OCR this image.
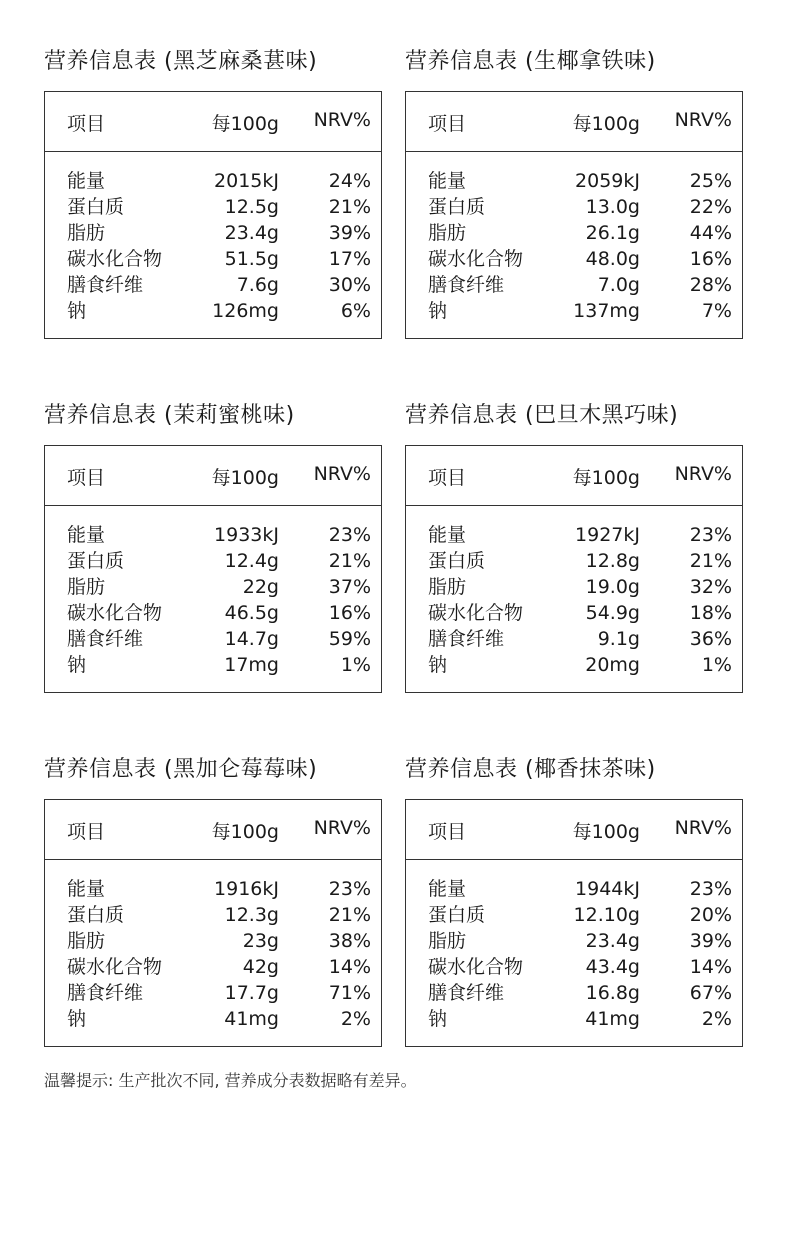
营养信息表 (黑芝麻桑葚味)
项目	每100g NRV%
能量	2015kJ	24%
蛋白质	12.5g	21%
脂肪	23.4g	39%
碳水化合物	51.5g	17%
膳食纤维	7.6g	30%
钠	126mg	6%
营养信息表 (生椰拿铁味)
项目	每100g NRV%
能量	2059kJ	25%
蛋白质	13.0g	22%
脂肪	26.1g	44%
碳水化合物	48.0g	16%
膳食纤维	7.0g	28%
钠	137mg	7%
营养信息表 (茉莉蜜桃味)
项目	每100g NRV%
能量	1933kJ	23%
蛋白质	12.4g	21%
脂肪	22g	37%
碳水化合物	46.5g	16%
膳食纤维	14.7g	59%
钠	17mg	1%
营养信息表 (巴旦木黑巧味)
项目	每100g NRV%
能量	1927kJ	23%
蛋白质	12.8g	21%
脂肪	19.0g	32%
碳水化合物	54.9g	18%
膳食纤维	9.1g	36%
钠	20mg	1%
营养信息表 (黑加仑莓莓味)
项目	每100g NRV%
能量	1916kJ	23%
蛋白质	12.3g	21%
脂肪	23g	38%
碳水化合物	42g	14%
膳食纤维	17.7g	71%
钠	41mg	2%
营养信息表 (椰香抹茶味)
项目	每100g NRV%
能量	1944kJ	23%
蛋白质	12.10g	20%
脂肪	23.4g	39%
碳水化合物	43.4g	14%
膳食纤维	16.8g	67%
钠	41mg	2%
温馨提示: 生产批次不同, 营养成分表数据略有差异。
